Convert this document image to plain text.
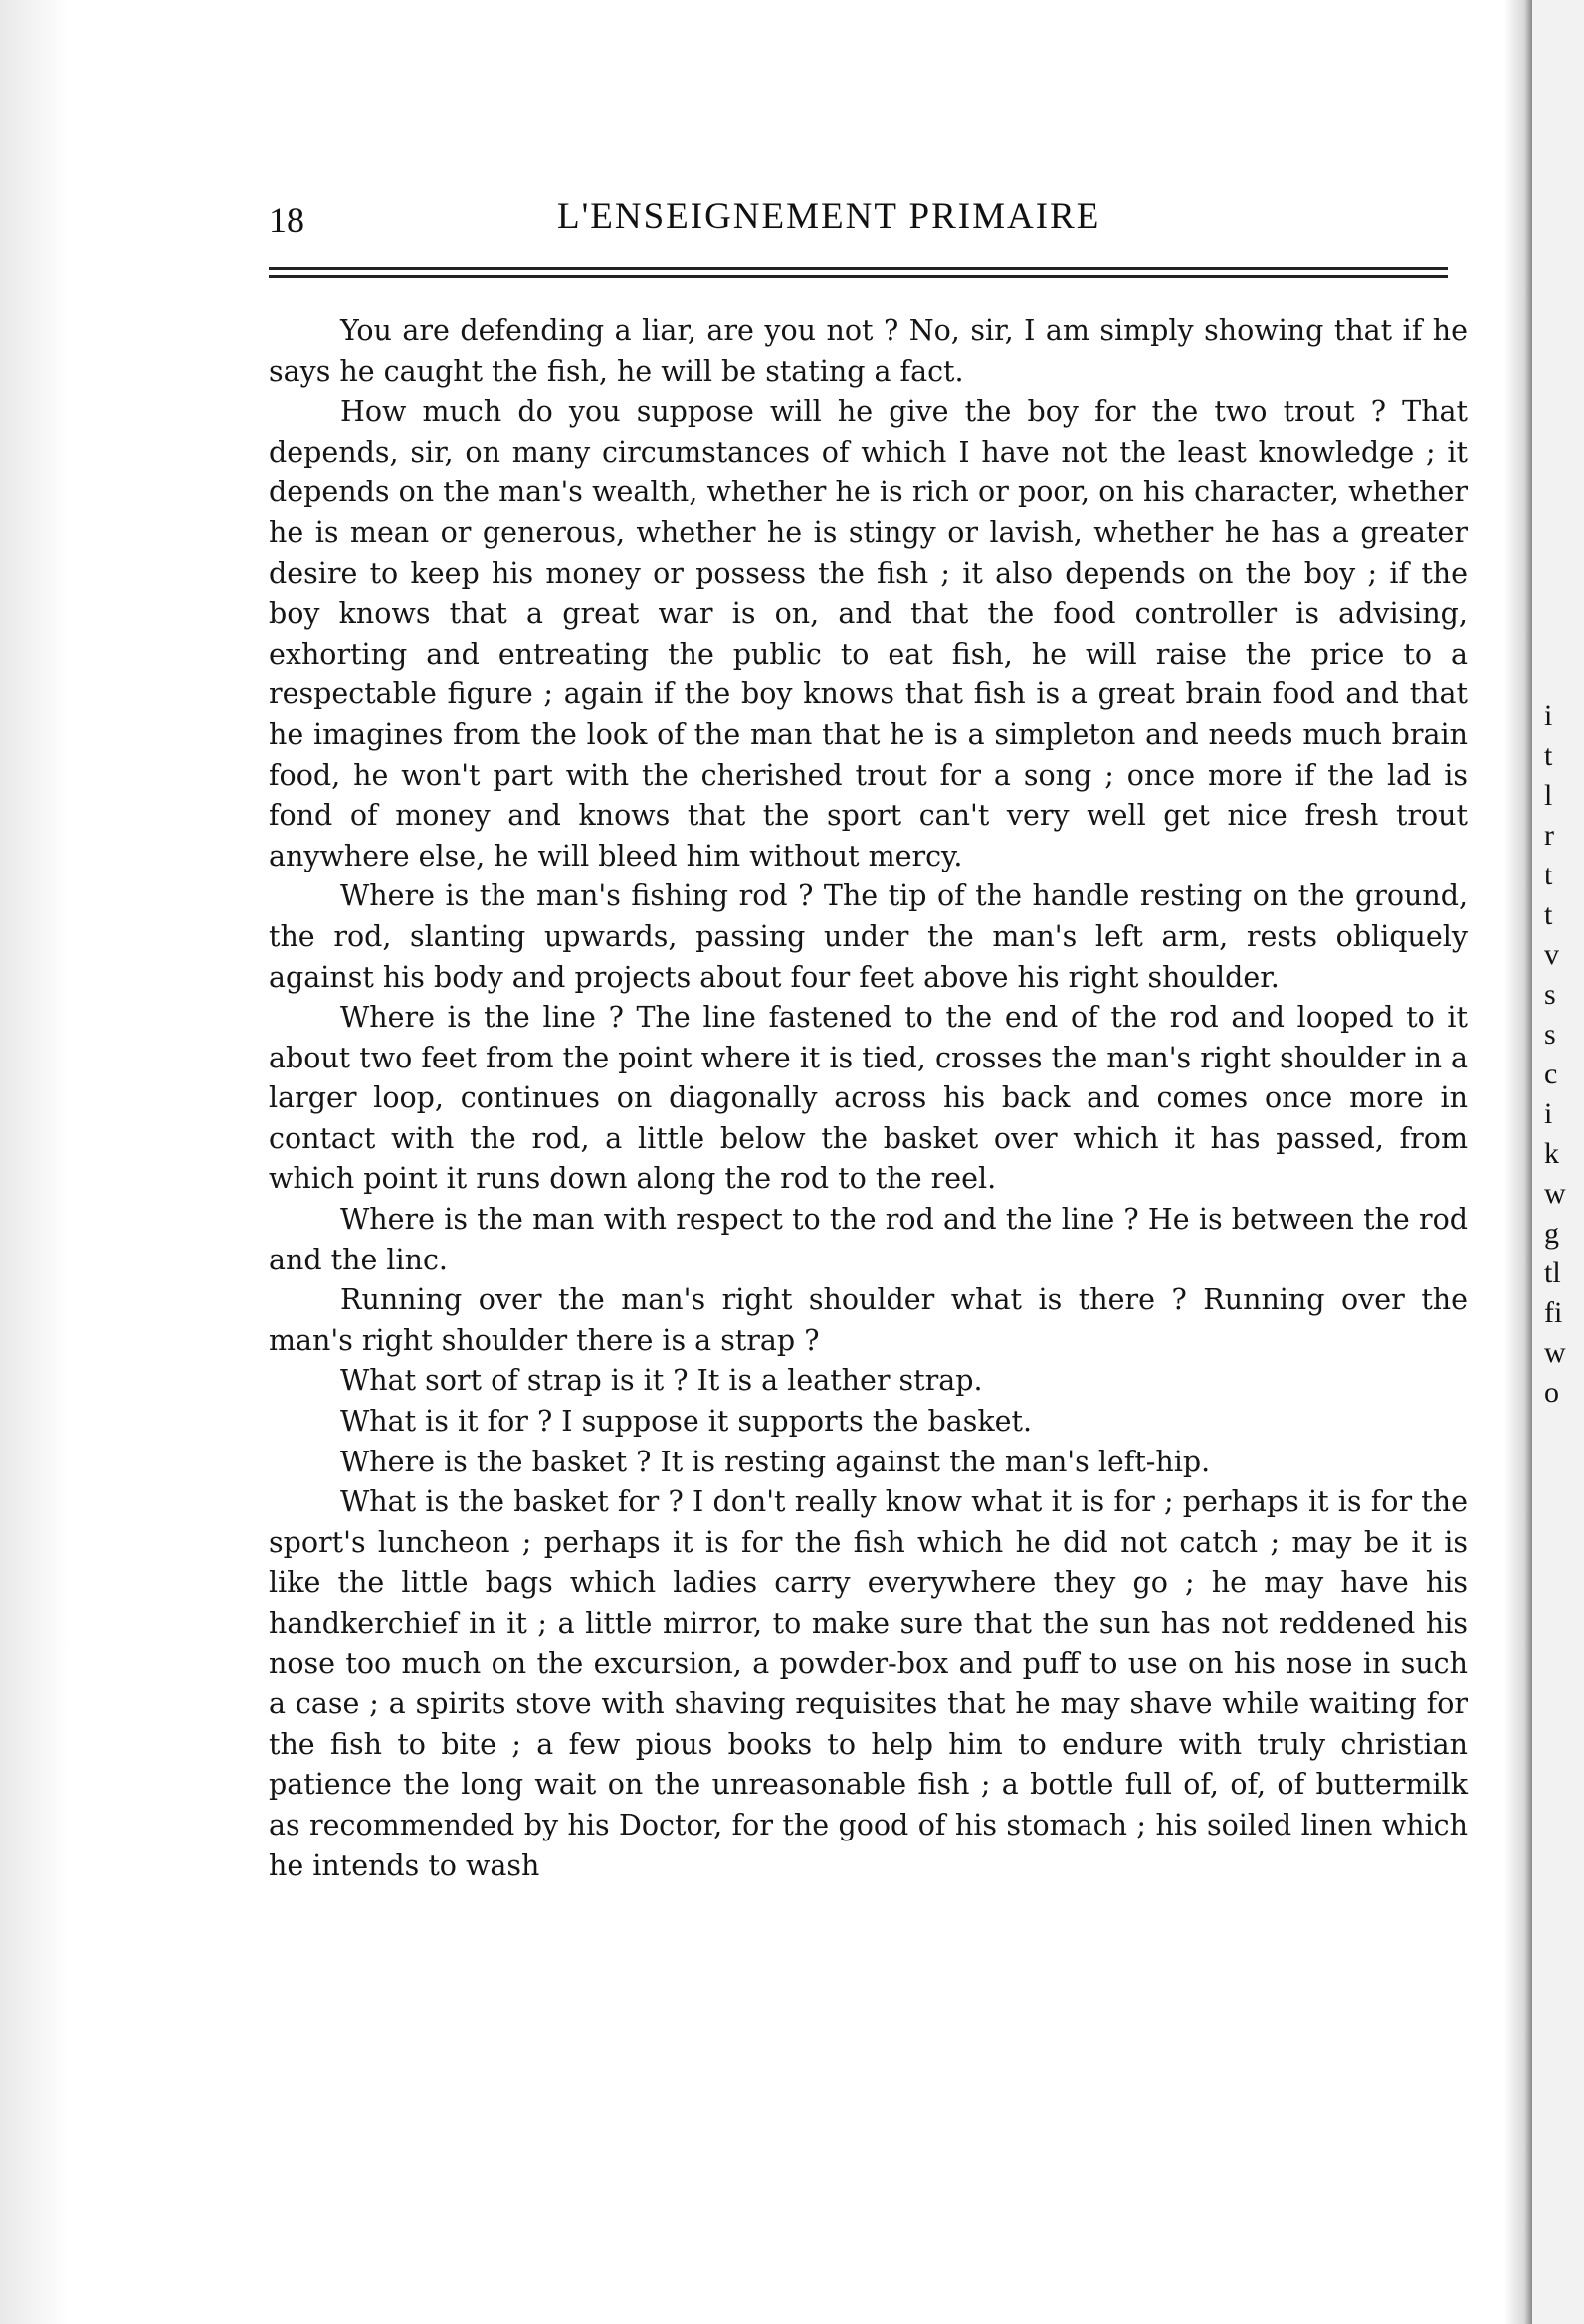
18	L'ENSEIGNEMENT PRIMAIRE

You are defending a liar, are you not ? No, sir, I am simply showing that if he says he caught the fish, he will be stating a fact.

How much do you suppose will he give the boy for the two trout ? That depends, sir, on many circumstances of which I have not the least knowledge ; it depends on the man's wealth, whether he is rich or poor, on his character, whether he is mean or generous, whether he is stingy or lavish, whether he has a greater desire to keep his money or possess the fish ; it also depends on the boy ; if the boy knows that a great war is on, and that the food controller is advising, exhorting and entreating the public to eat fish, he will raise the price to a respectable figure ; again if the boy knows that fish is a great brain food and that he imagines from the look of the man that he is a simpleton and needs much brain food, he won't part with the cherished trout for a song ; once more if the lad is fond of money and knows that the sport can't very well get nice fresh trout anywhere else, he will bleed him without mercy.

Where is the man's fishing rod ? The tip of the handle resting on the ground, the rod, slanting upwards, passing under the man's left arm, rests obliquely against his body and projects about four feet above his right shoulder.

Where is the line ? The line fastened to the end of the rod and looped to it about two feet from the point where it is tied, crosses the man's right shoulder in a larger loop, continues on diagonally across his back and comes once more in contact with the rod, a little below the basket over which it has passed, from which point it runs down along the rod to the reel.

Where is the man with respect to the rod and the line ? He is between the rod and the linc.

Running over the man's right shoulder what is there ? Running over the man's right shoulder there is a strap ?

What sort of strap is it ? It is a leather strap.

What is it for ? I suppose it supports the basket.

Where is the basket ? It is resting against the man's left-hip.

What is the basket for ? I don't really know what it is for ; perhaps it is for the sport's luncheon ; perhaps it is for the fish which he did not catch ; may be it is like the little bags which ladies carry everywhere they go ; he may have his handkerchief in it ; a little mirror, to make sure that the sun has not reddened his nose too much on the excursion, a powder-box and puff to use on his nose in such a case ; a spirits stove with shaving requisites that he may shave while waiting for the fish to bite ; a few pious books to help him to endure with truly christian patience the long wait on the unreasonable fish ; a bottle full of, of, of buttermilk as recommended by his Doctor, for the good of his stomach ; his soiled linen which he intends to wash

i
t
l
r
t
t
v
s
s
c
i
k
w
g
tl
fi
w
o
